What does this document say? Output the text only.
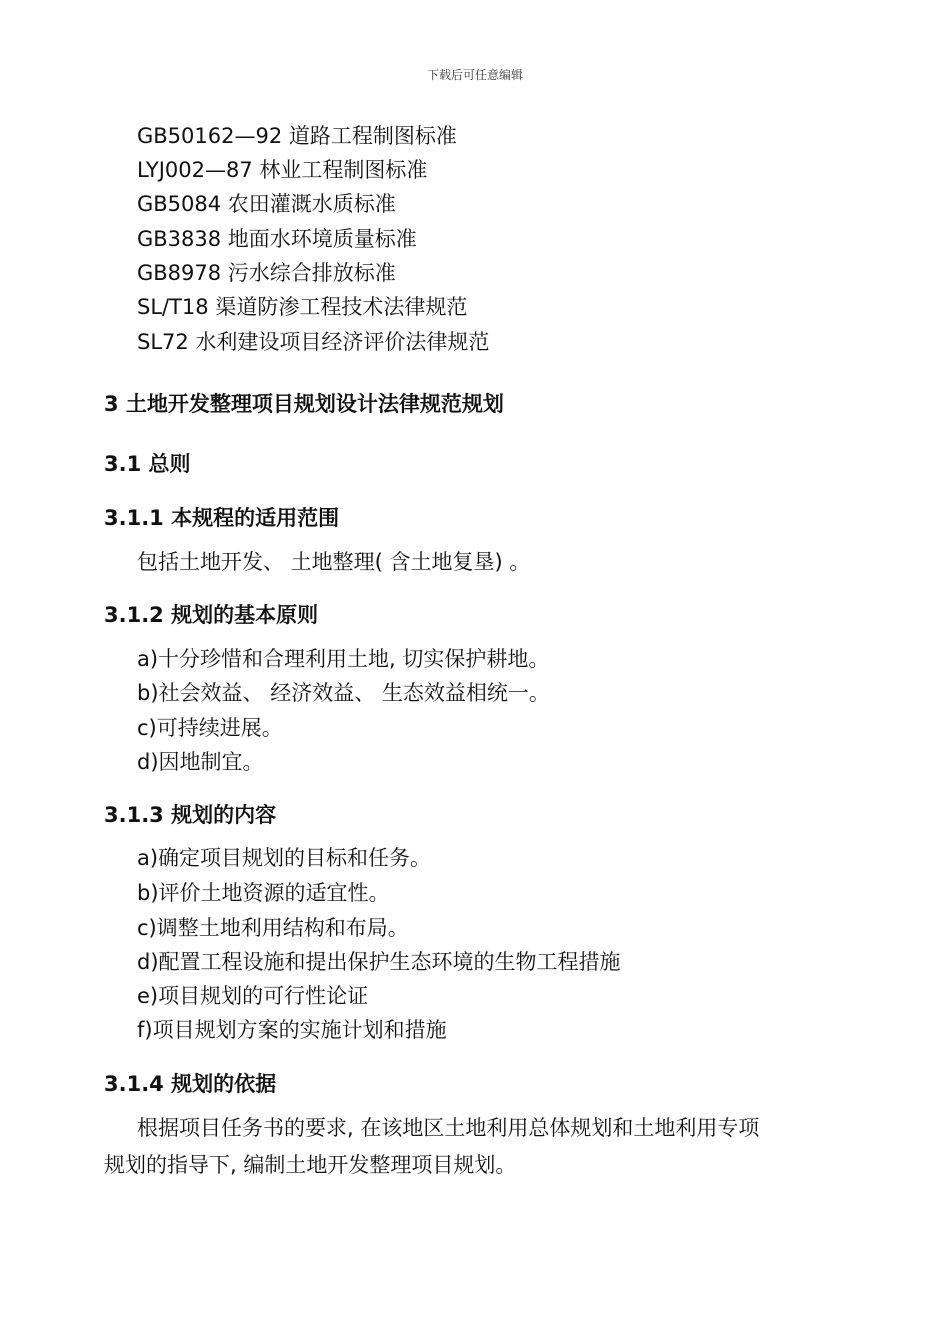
下载后可任意编辑
GB50162—92 道路工程制图标准
LYJ002—87 林业工程制图标准
GB5084 农田灌溉水质标准
GB3838 地面水环境质量标准
GB8978 污水综合排放标准
SL/T18 渠道防渗工程技术法律规范
SL72 水利建设项目经济评价法律规范
3 土地开发整理项目规划设计法律规范规划
3.1 总则
3.1.1 本规程的适用范围
包括土地开发、 土地整理( 含土地复垦) 。
3.1.2 规划的基本原则
a)十分珍惜和合理利用土地, 切实保护耕地。
b)社会效益、 经济效益、 生态效益相统一。
c)可持续进展。
d)因地制宜。
3.1.3 规划的内容
a)确定项目规划的目标和任务。
b)评价土地资源的适宜性。
c)调整土地利用结构和布局。
d)配置工程设施和提出保护生态环境的生物工程措施
e)项目规划的可行性论证
f)项目规划方案的实施计划和措施
3.1.4 规划的依据
根据项目任务书的要求, 在该地区土地利用总体规划和土地利用专项
规划的指导下, 编制土地开发整理项目规划。
